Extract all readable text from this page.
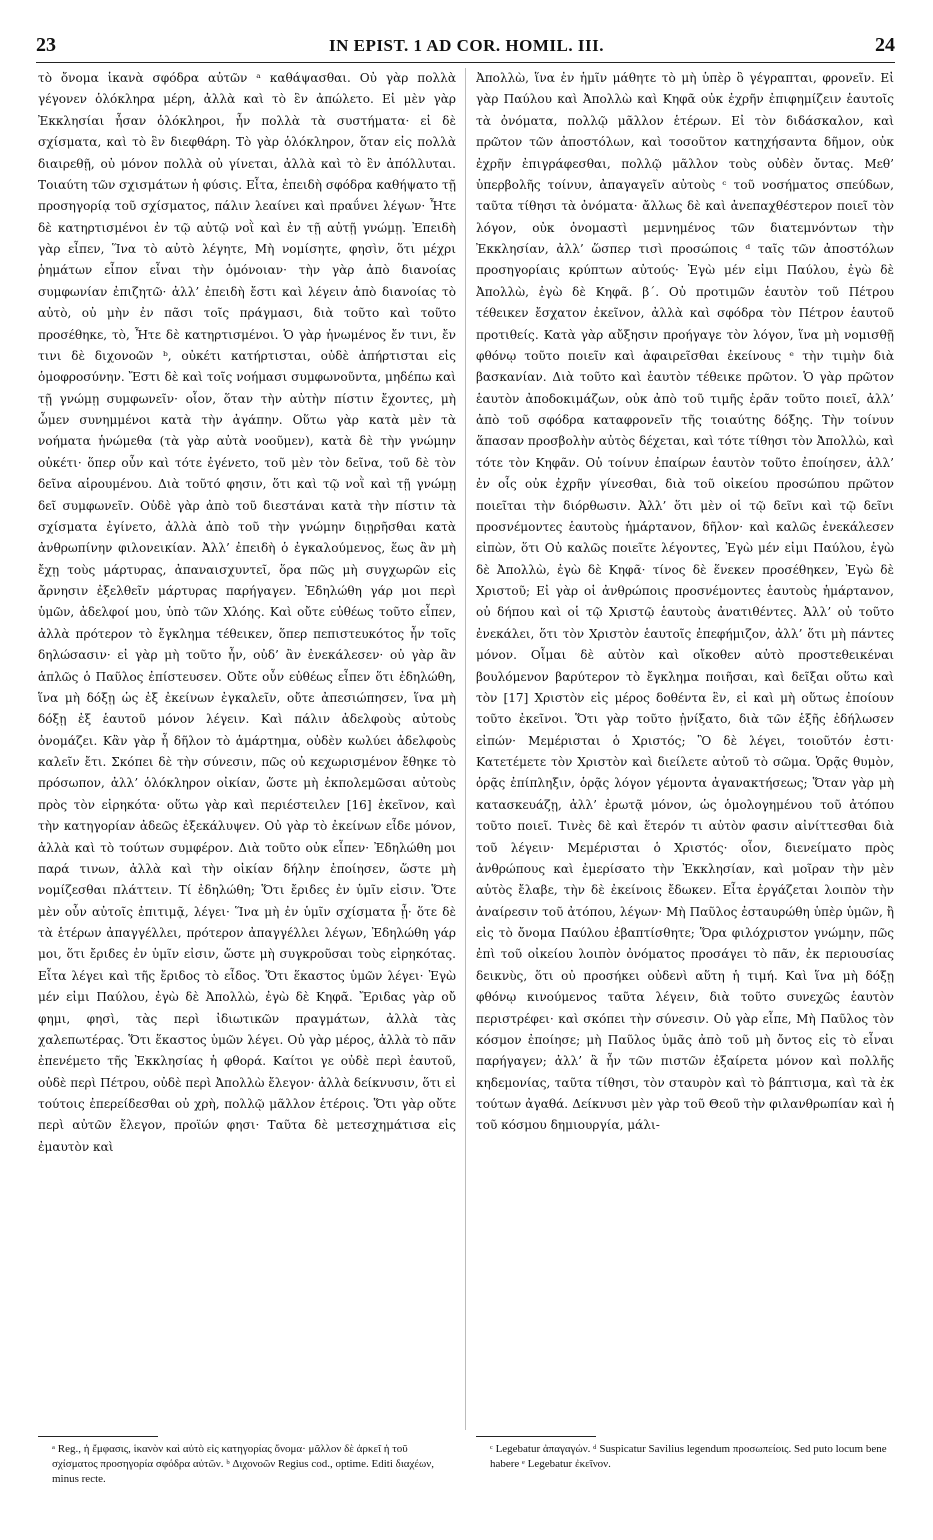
23	IN EPIST. 1 AD COR. HOMIL. III.	24

τὸ ὄνομα ἱκανὰ σφόδρα αὐτῶν ᵃ καθάψασθαι. Οὐ γὰρ πολλὰ γέγονεν ὁλόκληρα μέρη, ἀλλὰ καὶ τὸ ἓν ἀπώλετο. Εἰ μὲν γὰρ Ἐκκλησίαι ἦσαν ὁλόκληροι, ἦν πολλὰ τὰ συστήματα· εἰ δὲ σχίσματα, καὶ τὸ ἓν διεφθάρη. Τὸ γὰρ ὁλόκληρον, ὅταν εἰς πολλὰ διαιρεθῇ, οὐ μόνον πολλὰ οὐ γίνεται, ἀλλὰ καὶ τὸ ἓν ἀπόλλυται. Τοιαύτη τῶν σχισμάτων ἡ φύσις. Εἶτα, ἐπειδὴ σφόδρα καθήψατο τῇ προσηγορίᾳ τοῦ σχίσματος, πάλιν λεαίνει καὶ πραΰνει λέγων· Ἦτε δὲ κατηρτισμένοι ἐν τῷ αὐτῷ νοῒ καὶ ἐν τῇ αὐτῇ γνώμῃ. Ἐπειδὴ γὰρ εἶπεν, Ἵνα τὸ αὐτὸ λέγητε, Μὴ νομίσητε, φησὶν, ὅτι μέχρι ῥημάτων εἶπον εἶναι τὴν ὁμόνοιαν· τὴν γὰρ ἀπὸ διανοίας συμφωνίαν ἐπιζητῶ· ἀλλ’ ἐπειδὴ ἔστι καὶ λέγειν ἀπὸ διανοίας τὸ αὐτὸ, οὐ μὴν ἐν πᾶσι τοῖς πράγμασι, διὰ τοῦτο καὶ τοῦτο προσέθηκε, τὸ, Ἦτε δὲ κατηρτισμένοι. Ὁ γὰρ ἡνωμένος ἔν τινι, ἔν τινι δὲ διχονοῶν ᵇ, οὐκέτι κατήρτισται, οὐδὲ ἀπήρτισται εἰς ὁμοφροσύνην. Ἔστι δὲ καὶ τοῖς νοήμασι συμφωνοῦντα, μηδέπω καὶ τῇ γνώμῃ συμφωνεῖν· οἷον, ὅταν τὴν αὐτὴν πίστιν ἔχοντες, μὴ ὦμεν συνημμένοι κατὰ τὴν ἀγάπην. Οὕτω γὰρ κατὰ μὲν τὰ νοήματα ἡνώμεθα (τὰ γὰρ αὐτὰ νοοῦμεν), κατὰ δὲ τὴν γνώμην οὐκέτι· ὅπερ οὖν καὶ τότε ἐγένετο, τοῦ μὲν τὸν δεῖνα, τοῦ δὲ τὸν δεῖνα αἱρουμένου. Διὰ τοῦτό φησιν, ὅτι καὶ τῷ νοῒ καὶ τῇ γνώμῃ δεῖ συμφωνεῖν. Οὐδὲ γὰρ ἀπὸ τοῦ διεστάναι κατὰ τὴν πίστιν τὰ σχίσματα ἐγίνετο, ἀλλὰ ἀπὸ τοῦ τὴν γνώμην διῃρῆσθαι κατὰ ἀνθρωπίνην φιλονεικίαν. Ἀλλ’ ἐπειδὴ ὁ ἐγκαλούμενος, ἕως ἂν μὴ ἔχῃ τοὺς μάρτυρας, ἀπαναισχυντεῖ, ὅρα πῶς μὴ συγχωρῶν εἰς ἄρνησιν ἐξελθεῖν μάρτυρας παρήγαγεν. Ἐδηλώθη γάρ μοι περὶ ὑμῶν, ἀδελφοί μου, ὑπὸ τῶν Χλόης. Καὶ οὔτε εὐθέως τοῦτο εἶπεν, ἀλλὰ πρότερον τὸ ἔγκλημα τέθεικεν, ὅπερ πεπιστευκότος ἦν τοῖς δηλώσασιν· εἰ γὰρ μὴ τοῦτο ἦν, οὐδ’ ἂν ἐνεκάλεσεν· οὐ γὰρ ἂν ἁπλῶς ὁ Παῦλος ἐπίστευσεν. Οὔτε οὖν εὐθέως εἶπεν ὅτι ἐδηλώθη, ἵνα μὴ δόξῃ ὡς ἐξ ἐκείνων ἐγκαλεῖν, οὔτε ἀπεσιώπησεν, ἵνα μὴ δόξῃ ἐξ ἑαυτοῦ μόνον λέγειν. Καὶ πάλιν ἀδελφοὺς αὐτοὺς ὀνομάζει. Κἂν γὰρ ἦ δῆλον τὸ ἁμάρτημα, οὐδὲν κωλύει ἀδελφοὺς καλεῖν ἔτι. Σκόπει δὲ τὴν σύνεσιν, πῶς οὐ κεχωρισμένον ἔθηκε τὸ πρόσωπον, ἀλλ’ ὁλόκληρον οἰκίαν, ὥστε μὴ ἐκπολεμῶσαι αὐτοὺς πρὸς τὸν εἰρηκότα· οὕτω γὰρ καὶ περιέστειλεν [16] ἐκεῖνον, καὶ τὴν κατηγορίαν ἀδεῶς ἐξεκάλυψεν. Οὐ γὰρ τὸ ἐκείνων εἶδε μόνον, ἀλλὰ καὶ τὸ τούτων συμφέρον. Διὰ τοῦτο οὐκ εἶπεν· Ἐδηλώθη μοι παρά τινων, ἀλλὰ καὶ τὴν οἰκίαν δήλην ἐποίησεν, ὥστε μὴ νομίζεσθαι πλάττειν. Τί ἐδηλώθη; Ὅτι ἔριδες ἐν ὑμῖν εἰσιν. Ὅτε μὲν οὖν αὐτοῖς ἐπιτιμᾷ, λέγει· Ἵνα μὴ ἐν ὑμῖν σχίσματα ᾖ· ὅτε δὲ τὰ ἑτέρων ἀπαγγέλλει, πρότερον ἀπαγγέλλει λέγων, Ἐδηλώθη γάρ μοι, ὅτι ἔριδες ἐν ὑμῖν εἰσιν, ὥστε μὴ συγκροῦσαι τοὺς εἰρηκότας. Εἶτα λέγει καὶ τῆς ἔριδος τὸ εἶδος. Ὅτι ἕκαστος ὑμῶν λέγει· Ἐγὼ μέν εἰμι Παύλου, ἐγὼ δὲ Ἀπολλὼ, ἐγὼ δὲ Κηφᾶ. Ἔριδας γὰρ οὔ φημι, φησὶ, τὰς περὶ ἰδιωτικῶν πραγμάτων, ἀλλὰ τὰς χαλεπωτέρας. Ὅτι ἕκαστος ὑμῶν λέγει. Οὐ γὰρ μέρος, ἀλλὰ τὸ πᾶν ἐπενέμετο τῆς Ἐκκλησίας ἡ φθορά. Καίτοι γε οὐδὲ περὶ ἑαυτοῦ, οὐδὲ περὶ Πέτρου, οὐδὲ περὶ Ἀπολλὼ ἔλεγον· ἀλλὰ δείκνυσιν, ὅτι εἰ τούτοις ἐπερείδεσθαι οὐ χρὴ, πολλῷ μᾶλλον ἑτέροις. Ὅτι γὰρ οὔτε περὶ αὐτῶν ἔλεγον, προϊών φησι· Ταῦτα δὲ μετεσχημάτισα εἰς ἐμαυτὸν καὶ

Ἀπολλὼ, ἵνα ἐν ἡμῖν μάθητε τὸ μὴ ὑπὲρ ὃ γέγραπται, φρονεῖν. Εἰ γὰρ Παύλου καὶ Ἀπολλὼ καὶ Κηφᾶ οὐκ ἐχρῆν ἐπιφημίζειν ἑαυτοῖς τὰ ὀνόματα, πολλῷ μᾶλλον ἑτέρων. Εἰ τὸν διδάσκαλον, καὶ πρῶτον τῶν ἀποστόλων, καὶ τοσοῦτον κατηχήσαντα δῆμον, οὐκ ἐχρῆν ἐπιγράφεσθαι, πολλῷ μᾶλλον τοὺς οὐδὲν ὄντας. Μεθ’ ὑπερβολῆς τοίνυν, ἀπαγαγεῖν αὐτοὺς ᶜ τοῦ νοσήματος σπεύδων, ταῦτα τίθησι τὰ ὀνόματα· ἄλλως δὲ καὶ ἀνεπαχθέστερον ποιεῖ τὸν λόγον, οὐκ ὀνομαστὶ μεμνημένος τῶν διατεμνόντων τὴν Ἐκκλησίαν, ἀλλ’ ὥσπερ τισὶ προσώποις ᵈ ταῖς τῶν ἀποστόλων προσηγορίαις κρύπτων αὐτούς· Ἐγὼ μέν εἰμι Παύλου, ἐγὼ δὲ Ἀπολλὼ, ἐγὼ δὲ Κηφᾶ. β΄. Οὐ προτιμῶν ἑαυτὸν τοῦ Πέτρου τέθεικεν ἔσχατον ἐκεῖνον, ἀλλὰ καὶ σφόδρα τὸν Πέτρον ἑαυτοῦ προτιθείς. Κατὰ γὰρ αὔξησιν προήγαγε τὸν λόγον, ἵνα μὴ νομισθῇ φθόνῳ τοῦτο ποιεῖν καὶ ἀφαιρεῖσθαι ἐκείνους ᵉ τὴν τιμὴν διὰ βασκανίαν. Διὰ τοῦτο καὶ ἑαυτὸν τέθεικε πρῶτον. Ὁ γὰρ πρῶτον ἑαυτὸν ἀποδοκιμάζων, οὐκ ἀπὸ τοῦ τιμῆς ἐρᾶν τοῦτο ποιεῖ, ἀλλ’ ἀπὸ τοῦ σφόδρα καταφρονεῖν τῆς τοιαύτης δόξης. Τὴν τοίνυν ἅπασαν προσβολὴν αὐτὸς δέχεται, καὶ τότε τίθησι τὸν Ἀπολλὼ, καὶ τότε τὸν Κηφᾶν. Οὐ τοίνυν ἐπαίρων ἑαυτὸν τοῦτο ἐποίησεν, ἀλλ’ ἐν οἷς οὐκ ἐχρῆν γίνεσθαι, διὰ τοῦ οἰκείου προσώπου πρῶτον ποιεῖται τὴν διόρθωσιν. Ἀλλ’ ὅτι μὲν οἱ τῷ δεῖνι καὶ τῷ δεῖνι προσνέμοντες ἑαυτοὺς ἡμάρτανον, δῆλον· καὶ καλῶς ἐνεκάλεσεν εἰπὼν, ὅτι Οὐ καλῶς ποιεῖτε λέγοντες, Ἐγὼ μέν εἰμι Παύλου, ἐγὼ δὲ Ἀπολλὼ, ἐγὼ δὲ Κηφᾶ· τίνος δὲ ἕνεκεν προσέθηκεν, Ἐγὼ δὲ Χριστοῦ; Εἰ γὰρ οἱ ἀνθρώποις προσνέμοντες ἑαυτοὺς ἡμάρτανον, οὐ δήπου καὶ οἱ τῷ Χριστῷ ἑαυτοὺς ἀνατιθέντες. Ἀλλ’ οὐ τοῦτο ἐνεκάλει, ὅτι τὸν Χριστὸν ἑαυτοῖς ἐπεφήμιζον, ἀλλ’ ὅτι μὴ πάντες μόνον. Οἶμαι δὲ αὐτὸν καὶ οἴκοθεν αὐτὸ προστεθεικέναι βουλόμενον βαρύτερον τὸ ἔγκλημα ποιῆσαι, καὶ δεῖξαι οὕτω καὶ τὸν [17] Χριστὸν εἰς μέρος δοθέντα ἓν, εἰ καὶ μὴ οὕτως ἐποίουν τοῦτο ἐκεῖνοι. Ὅτι γὰρ τοῦτο ᾐνίξατο, διὰ τῶν ἑξῆς ἐδήλωσεν εἰπών· Μεμέρισται ὁ Χριστός; Ὃ δὲ λέγει, τοιοῦτόν ἐστι· Κατετέμετε τὸν Χριστὸν καὶ διείλετε αὐτοῦ τὸ σῶμα. Ὁρᾷς θυμὸν, ὁρᾷς ἐπίπληξιν, ὁρᾷς λόγον γέμοντα ἀγανακτήσεως; Ὅταν γὰρ μὴ κατασκευάζῃ, ἀλλ’ ἐρωτᾷ μόνον, ὡς ὁμολογημένου τοῦ ἀτόπου τοῦτο ποιεῖ. Τινὲς δὲ καὶ ἕτερόν τι αὐτὸν φασιν αἰνίττεσθαι διὰ τοῦ λέγειν· Μεμέρισται ὁ Χριστός· οἷον, διενείματο πρὸς ἀνθρώπους καὶ ἐμερίσατο τὴν Ἐκκλησίαν, καὶ μοῖραν τὴν μὲν αὐτὸς ἔλαβε, τὴν δὲ ἐκείνοις ἔδωκεν. Εἶτα ἐργάζεται λοιπὸν τὴν ἀναίρεσιν τοῦ ἀτόπου, λέγων· Μὴ Παῦλος ἐσταυρώθη ὑπὲρ ὑμῶν, ἢ εἰς τὸ ὄνομα Παύλου ἐβαπτίσθητε; Ὅρα φιλόχριστον γνώμην, πῶς ἐπὶ τοῦ οἰκείου λοιπὸν ὀνόματος προσάγει τὸ πᾶν, ἐκ περιουσίας δεικνὺς, ὅτι οὐ προσήκει οὐδενὶ αὕτη ἡ τιμή. Καὶ ἵνα μὴ δόξῃ φθόνῳ κινούμενος ταῦτα λέγειν, διὰ τοῦτο συνεχῶς ἑαυτὸν περιστρέφει· καὶ σκόπει τὴν σύνεσιν. Οὐ γὰρ εἶπε, Μὴ Παῦλος τὸν κόσμον ἐποίησε; μὴ Παῦλος ὑμᾶς ἀπὸ τοῦ μὴ ὄντος εἰς τὸ εἶναι παρήγαγεν; ἀλλ’ ἃ ἦν τῶν πιστῶν ἐξαίρετα μόνον καὶ πολλῆς κηδεμονίας, ταῦτα τίθησι, τὸν σταυρὸν καὶ τὸ βάπτισμα, καὶ τὰ ἐκ τούτων ἀγαθά. Δείκνυσι μὲν γὰρ τοῦ Θεοῦ τὴν φιλανθρωπίαν καὶ ἡ τοῦ κόσμου δημιουργία, μάλι-

ᵃ Reg., ἡ ἔμφασις, ἱκανὸν καὶ αὐτὸ εἰς κατηγορίας ὄνομα· μᾶλλον δὲ ἀρκεῖ ἡ τοῦ σχίσματος προσηγορία σφόδρα αὐτῶν. ᵇ Διχονοῶν Regius cod., optime. Editi διαχέων, minus recte.

ᶜ Legebatur ἀπαγαγών. ᵈ Suspicatur Savilius legendum προσωπείοις. Sed puto locum bene habere ᵉ Legebatur ἐκεῖνον.
